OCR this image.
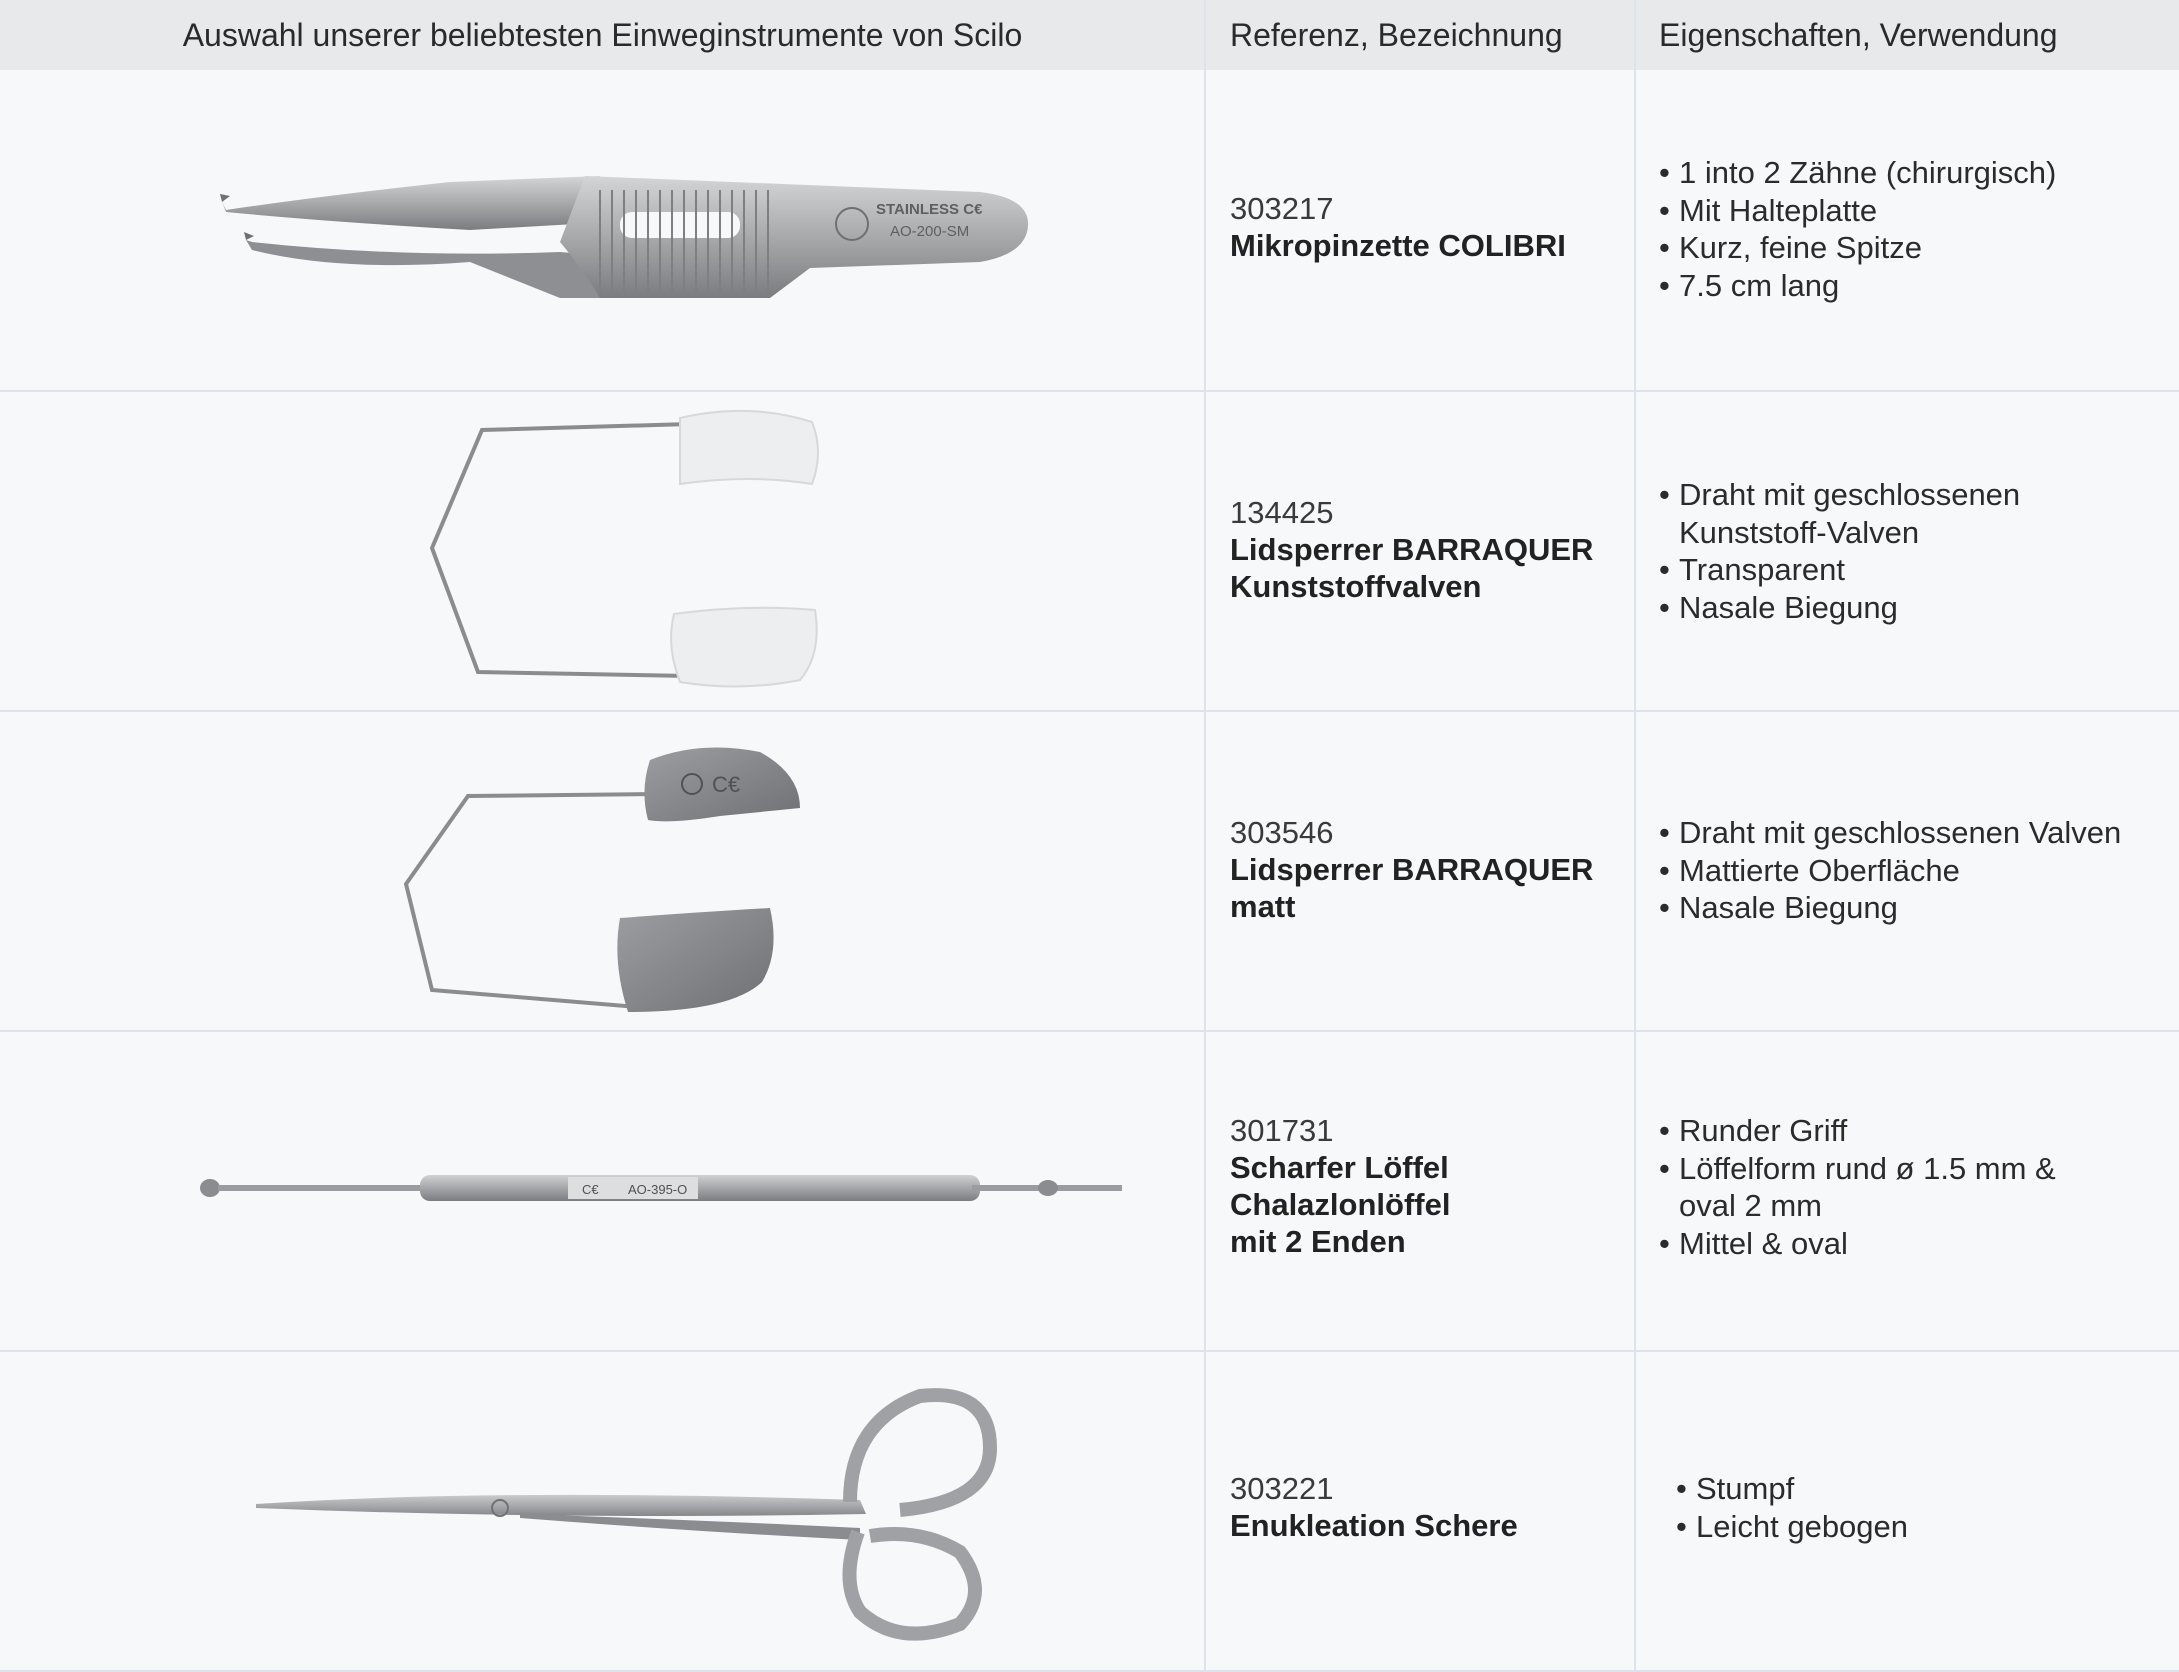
Auswahl unserer beliebtesten Einweginstrumente von Scilo	Referenz, Bezeichnung	Eigenschaften, Verwendung
STAINLESS C€
AO-200-SM
303217
Mikropinzette COLIBRI
• 1 into 2 Zähne (chirurgisch)
• Mit Halteplatte
• Kurz, feine Spitze
• 7.5 cm lang
134425
Lidsperrer BARRAQUER
Kunststoffvalven
• Draht mit geschlossenen Kunststoff-Valven
• Transparent
• Nasale Biegung
C€
303546
Lidsperrer BARRAQUER
matt
• Draht mit geschlossenen Valven
• Mattierte Oberfläche
• Nasale Biegung
C€ AO-395-O
301731
Scharfer Löffel
Chalazlonlöffel
mit 2 Enden
• Runder Griff
• Löffelform rund ø 1.5 mm & oval 2 mm
• Mittel & oval
303221
Enukleation Schere
• Stumpf
• Leicht gebogen
